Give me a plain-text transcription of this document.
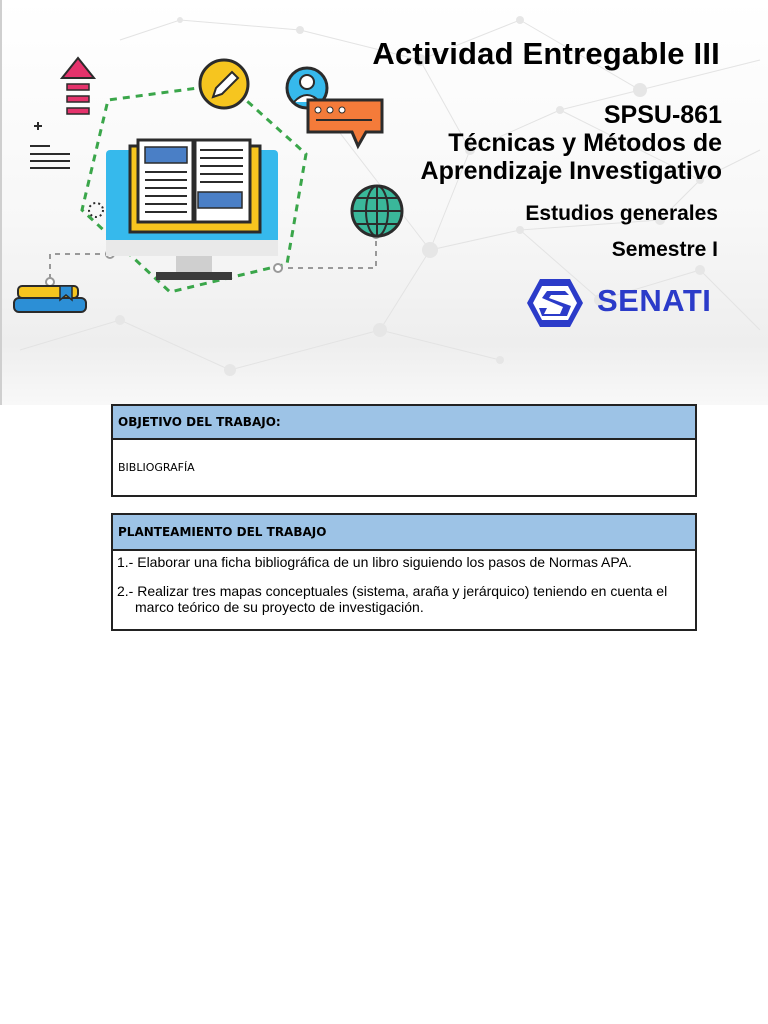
Actividad Entregable III
SPSU-861
Técnicas y Métodos de
Aprendizaje Investigativo
Estudios generales
Semestre I
SENATI
OBJETIVO DEL TRABAJO:
BIBLIOGRAFÍA
PLANTEAMIENTO DEL TRABAJO
1.- Elaborar una ficha bibliográfica de un libro siguiendo los pasos de Normas APA.
2.- Realizar tres mapas conceptuales (sistema, araña y jerárquico) teniendo en cuenta el marco teórico de su proyecto de investigación.
